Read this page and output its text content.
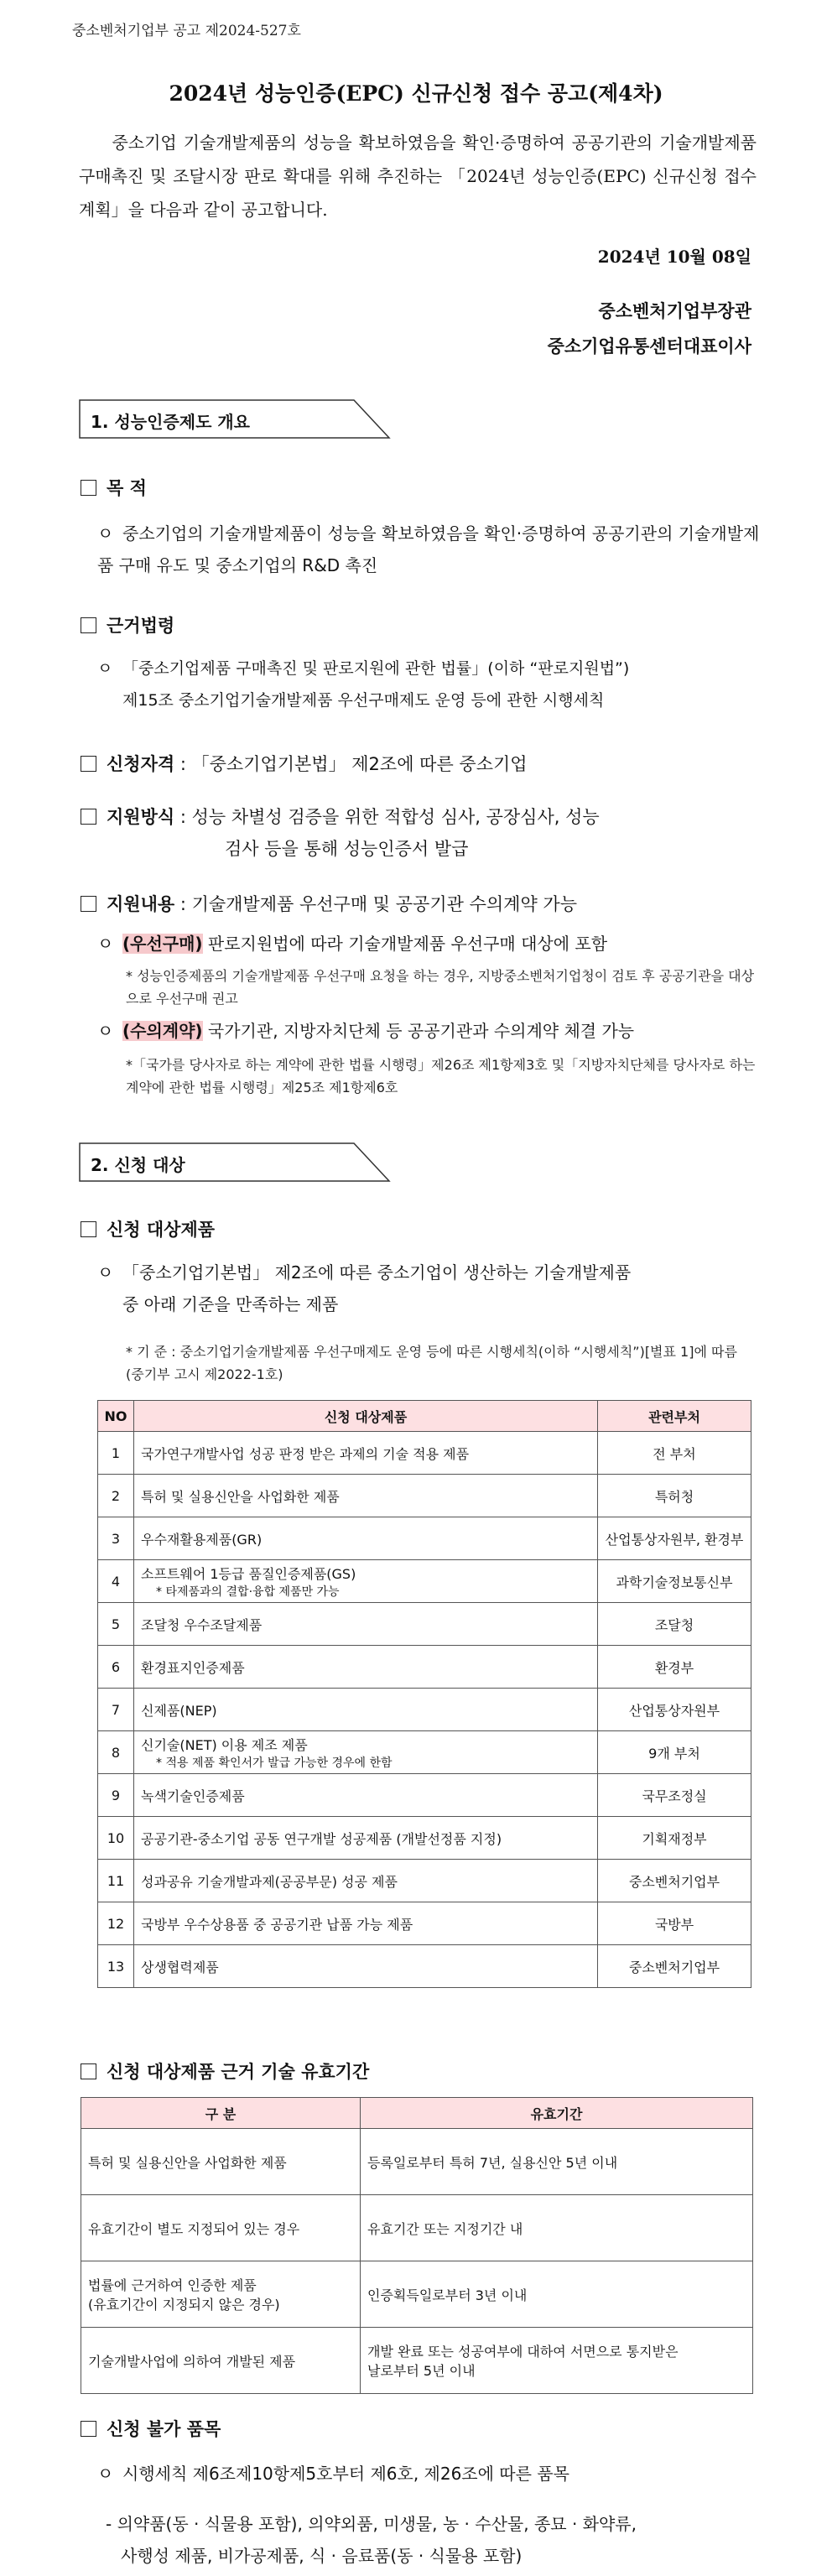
중소벤처기업부 공고 제2024-527호
2024년 성능인증(EPC) 신규신청 접수 공고(제4차)
중소기업 기술개발제품의 성능을 확보하였음을 확인·증명하여 공공기관의 기술개발제품 구매촉진 및 조달시장 판로 확대를 위해 추진하는 「2024년 성능인증(EPC) 신규신청 접수 계획」을 다음과 같이 공고합니다.
2024년 10월 08일
중소벤처기업부장관
중소기업유통센터대표이사
1. 성능인증제도 개요
목 적
ㅇ 중소기업의 기술개발제품이 성능을 확보하였음을 확인·증명하여 공공기관의 기술개발제품 구매 유도 및 중소기업의 R&D 촉진
근거법령
ㅇ 「중소기업제품 구매촉진 및 판로지원에 관한 법률」(이하 “판로지원법”)
제15조 중소기업기술개발제품 우선구매제도 운영 등에 관한 시행세칙
신청자격 : 「중소기업기본법」 제2조에 따른 중소기업
지원방식 : 성능 차별성 검증을 위한 적합성 심사, 공장심사, 성능
검사 등을 통해 성능인증서 발급
지원내용 : 기술개발제품 우선구매 및 공공기관 수의계약 가능
ㅇ (우선구매) 판로지원법에 따라 기술개발제품 우선구매 대상에 포함
* 성능인증제품의 기술개발제품 우선구매 요청을 하는 경우, 지방중소벤처기업청이 검토 후 공공기관을 대상으로 우선구매 권고
ㅇ (수의계약) 국가기관, 지방자치단체 등 공공기관과 수의계약 체결 가능
*「국가를 당사자로 하는 계약에 관한 법률 시행령」제26조 제1항제3호 및「지방자치단체를 당사자로 하는 계약에 관한 법률 시행령」제25조 제1항제6호
2. 신청 대상
신청 대상제품
ㅇ 「중소기업기본법」 제2조에 따른 중소기업이 생산하는 기술개발제품
중 아래 기준을 만족하는 제품
* 기 준 : 중소기업기술개발제품 우선구매제도 운영 등에 따른 시행세칙(이하 “시행세칙”)[별표 1]에 따름 (중기부 고시 제2022-1호)
NO	신청 대상제품	관련부처
1	국가연구개발사업 성공 판정 받은 과제의 기술 적용 제품	전 부처
2	특허 및 실용신안을 사업화한 제품	특허청
3	우수재활용제품(GR)	산업통상자원부, 환경부
4	소프트웨어 1등급 품질인증제품(GS)
* 타제품과의 결합·융합 제품만 가능	과학기술정보통신부
5	조달청 우수조달제품	조달청
6	환경표지인증제품	환경부
7	신제품(NEP)	산업통상자원부
8	신기술(NET) 이용 제조 제품
* 적용 제품 확인서가 발급 가능한 경우에 한함	9개 부처
9	녹색기술인증제품	국무조정실
10	공공기관-중소기업 공동 연구개발 성공제품 (개발선정품 지정)	기획재정부
11	성과공유 기술개발과제(공공부문) 성공 제품	중소벤처기업부
12	국방부 우수상용품 중 공공기관 납품 가능 제품	국방부
13	상생협력제품	중소벤처기업부
신청 대상제품 근거 기술 유효기간
구 분	유효기간

특허 및 실용신안을 사업화한 제품	등록일로부터 특허 7년, 실용신안 5년 이내

유효기간이 별도 지정되어 있는 경우	유효기간 또는 지정기간 내

법률에 근거하여 인증한 제품
(유효기간이 지정되지 않은 경우)	인증획득일로부터 3년 이내

기술개발사업에 의하여 개발된 제품	개발 완료 또는 성공여부에 대하여 서면으로 통지받은
날로부터 5년 이내
신청 불가 품목
ㅇ 시행세칙 제6조제10항제5호부터 제6호, 제26조에 따른 품목
- 의약품(동 · 식물용 포함), 의약외품, 미생물, 농 · 수산물, 종묘 · 화약류,
사행성 제품, 비가공제품, 식 · 음료품(동 · 식물용 포함)
